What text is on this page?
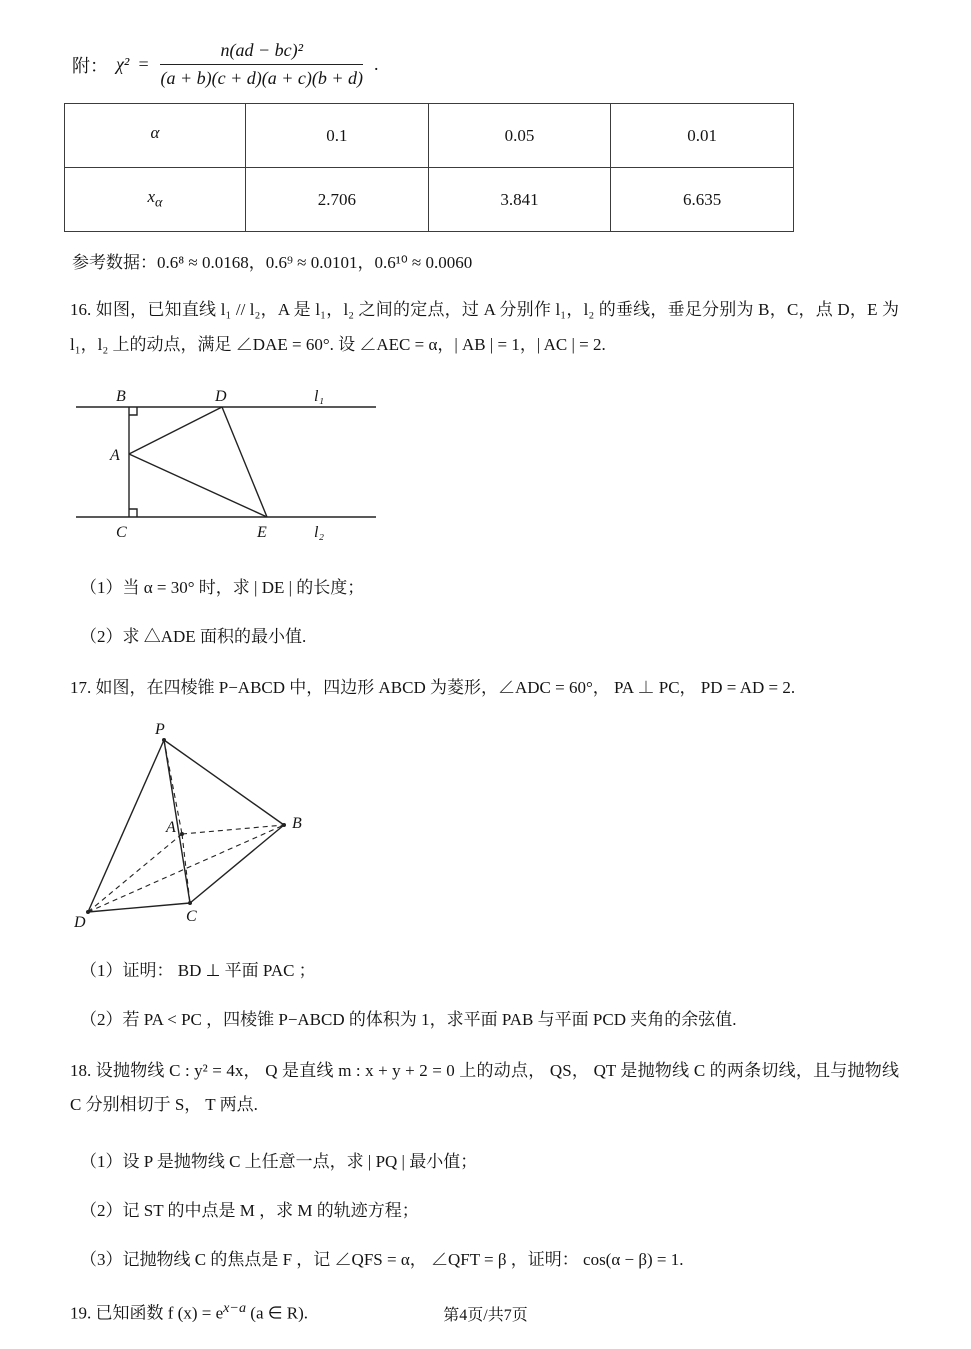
附： $\chi^2 = \frac{\text{n(ad − bc)²}}{(a + b)(c + d)(a + c)(b + d)}$ .
α	0.1	0.05	0.01
$x_\alpha$	2.706	3.841	6.635

参考数据：0.6⁸ ≈ 0.0168，0.6⁹ ≈ 0.0101，0.6¹⁰ ≈ 0.0060

16. 如图，已知直线 l₁ // l₂，A 是 l₁，l₂ 之间的定点，过 A 分别作 l₁，l₂ 的垂线，垂足分别为 B，C，点 D，E 为 l₁，l₂ 上的动点，满足 ∠DAE = 60°. 设 ∠AEC = α，| AB | = 1，| AC | = 2.

B	D	l₁
A
C	E	l₂

（1）当 α = 30° 时，求 | DE | 的长度；

（2）求 △ADE 面积的最小值.

17. 如图，在四棱锥 P−ABCD 中，四边形 ABCD 为菱形，∠ADC = 60°， PA ⊥ PC， PD = AD = 2.

P
A	B
C
D

（1）证明： BD ⊥ 平面 PAC ；

（2）若 PA < PC ，四棱锥 P−ABCD 的体积为 1，求平面 PAB 与平面 PCD 夹角的余弦值.

18. 设抛物线 C : y² = 4x， Q 是直线 m : x + y + 2 = 0 上的动点， QS， QT 是抛物线 C 的两条切线，且与抛物线 C 分别相切于 S， T 两点.

（1）设 P 是抛物线 C 上任意一点，求 | PQ | 最小值；

（2）记 ST 的中点是 M ，求 M 的轨迹方程；

（3）记抛物线 C 的焦点是 F ，记 ∠QFS = α， ∠QFT = β ，证明： cos(α − β) = 1.

19. 已知函数 f $(x) = e^{x-a}$ (a ∈ R).	第4页/共7页
